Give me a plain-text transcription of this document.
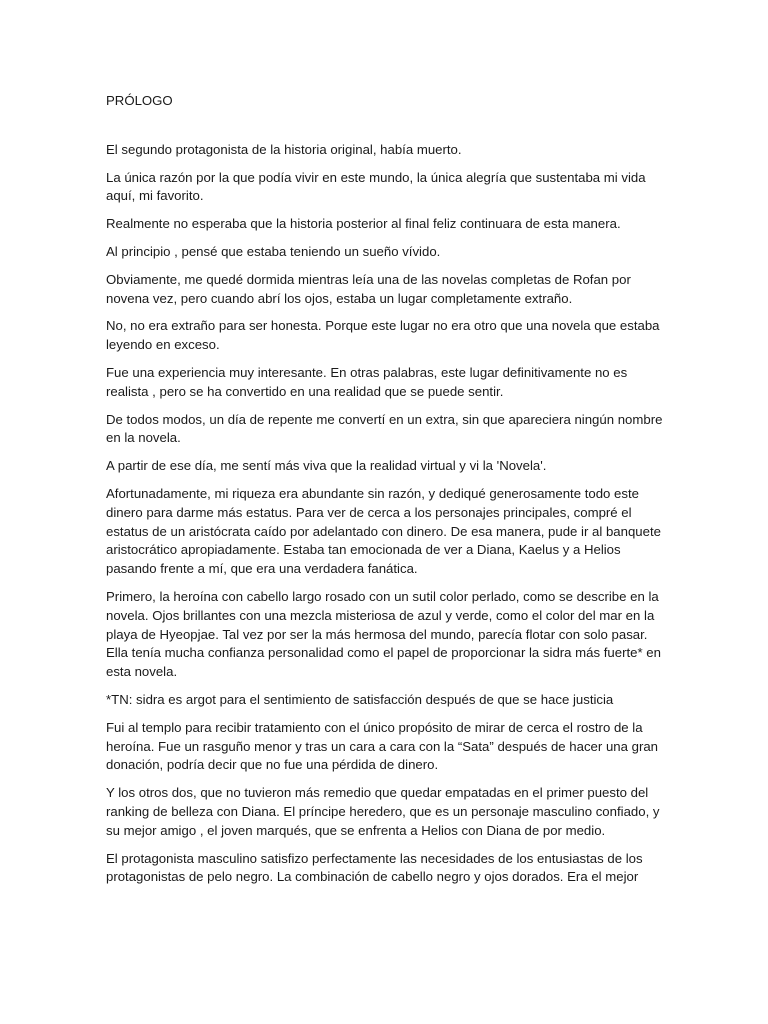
PRÓLOGO

El segundo protagonista de la historia original, había muerto.

La única razón por la que podía vivir en este mundo, la única alegría que sustentaba mi vida aquí, mi favorito.

Realmente no esperaba que la historia posterior al final feliz continuara de esta manera.

Al principio , pensé que estaba teniendo un sueño vívido.

Obviamente, me quedé dormida mientras leía una de las novelas completas de Rofan por novena vez, pero cuando abrí los ojos, estaba un lugar completamente extraño.

No, no era extraño para ser honesta. Porque este lugar no era otro que una novela que estaba leyendo en exceso.

Fue una experiencia muy interesante. En otras palabras, este lugar definitivamente no es realista , pero se ha convertido en una realidad que se puede sentir.

De todos modos, un día de repente me convertí en un extra, sin que apareciera ningún nombre en la novela.

A partir de ese día, me sentí más viva que la realidad virtual y vi la 'Novela'.

Afortunadamente, mi riqueza era abundante sin razón, y dediqué generosamente todo este dinero para darme más estatus. Para ver de cerca a los personajes principales, compré el estatus de un aristócrata caído por adelantado con dinero. De esa manera, pude ir al banquete aristocrático apropiadamente. Estaba tan emocionada de ver a Diana, Kaelus y a Helios pasando frente a mí, que era una verdadera fanática.

Primero, la heroína con cabello largo rosado con un sutil color perlado, como se describe en la novela. Ojos brillantes con una mezcla misteriosa de azul y verde, como el color del mar en la playa de Hyeopjae. Tal vez por ser la más hermosa del mundo, parecía flotar con solo pasar. Ella tenía mucha confianza personalidad como el papel de proporcionar la sidra más fuerte* en esta novela.

*TN: sidra es argot para el sentimiento de satisfacción después de que se hace justicia

Fui al templo para recibir tratamiento con el único propósito de mirar de cerca el rostro de la heroína. Fue un rasguño menor y tras un cara a cara con la “Sata” después de hacer una gran donación, podría decir que no fue una pérdida de dinero.

Y los otros dos, que no tuvieron más remedio que quedar empatadas en el primer puesto del ranking de belleza con Diana. El príncipe heredero, que es un personaje masculino confiado, y su mejor amigo , el joven marqués, que se enfrenta a Helios con Diana de por medio.

El protagonista masculino satisfizo perfectamente las necesidades de los entusiastas de los protagonistas de pelo negro. La combinación de cabello negro y ojos dorados. Era el mejor
